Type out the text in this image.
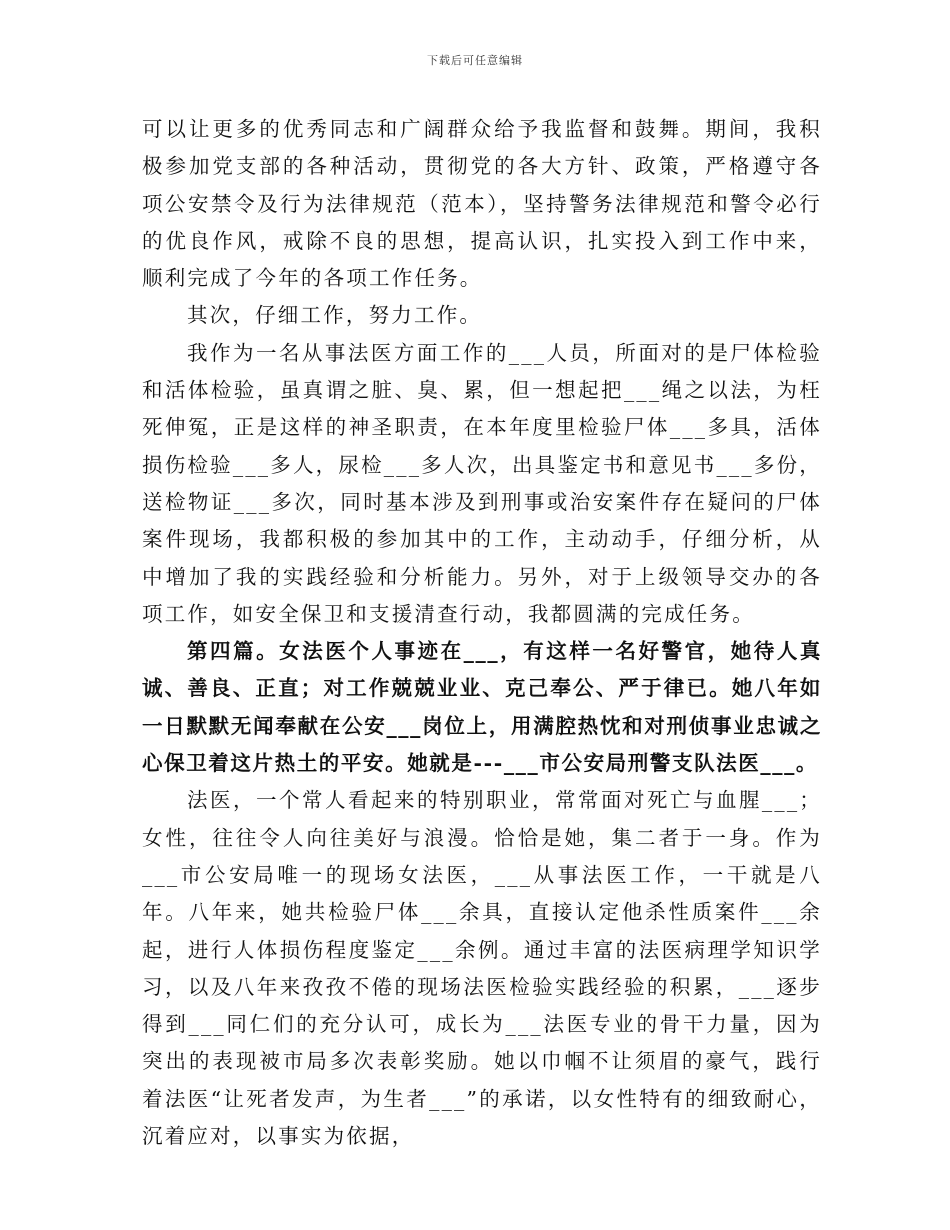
下载后可任意编辑

可以让更多的优秀同志和广阔群众给予我监督和鼓舞。期间，我积极参加党支部的各种活动，贯彻党的各大方针、政策，严格遵守各项公安禁令及行为法律规范（范本），坚持警务法律规范和警令必行的优良作风，戒除不良的思想，提高认识，扎实投入到工作中来，顺利完成了今年的各项工作任务。

其次，仔细工作，努力工作。

我作为一名从事法医方面工作的___人员，所面对的是尸体检验和活体检验，虽真谓之脏、臭、累，但一想起把___绳之以法，为枉死伸冤，正是这样的神圣职责，在本年度里检验尸体___多具，活体损伤检验___多人，尿检___多人次，出具鉴定书和意见书___多份，送检物证___多次，同时基本涉及到刑事或治安案件存在疑问的尸体案件现场，我都积极的参加其中的工作，主动动手，仔细分析，从中增加了我的实践经验和分析能力。另外，对于上级领导交办的各项工作，如安全保卫和支援清查行动，我都圆满的完成任务。

第四篇。女法医个人事迹在___，有这样一名好警官，她待人真诚、善良、正直；对工作兢兢业业、克己奉公、严于律已。她八年如一日默默无闻奉献在公安___岗位上，用满腔热忱和对刑侦事业忠诚之心保卫着这片热土的平安。她就是---___市公安局刑警支队法医___。

法医，一个常人看起来的特别职业，常常面对死亡与血腥___；女性，往往令人向往美好与浪漫。恰恰是她，集二者于一身。作为___市公安局唯一的现场女法医，___从事法医工作，一干就是八年。八年来，她共检验尸体___余具，直接认定他杀性质案件___余起，进行人体损伤程度鉴定___余例。通过丰富的法医病理学知识学习，以及八年来孜孜不倦的现场法医检验实践经验的积累，___逐步得到___同仁们的充分认可，成长为___法医专业的骨干力量，因为突出的表现被市局多次表彰奖励。她以巾帼不让须眉的豪气，践行着法医“让死者发声，为生者___”的承诺，以女性特有的细致耐心，沉着应对，以事实为依据，
